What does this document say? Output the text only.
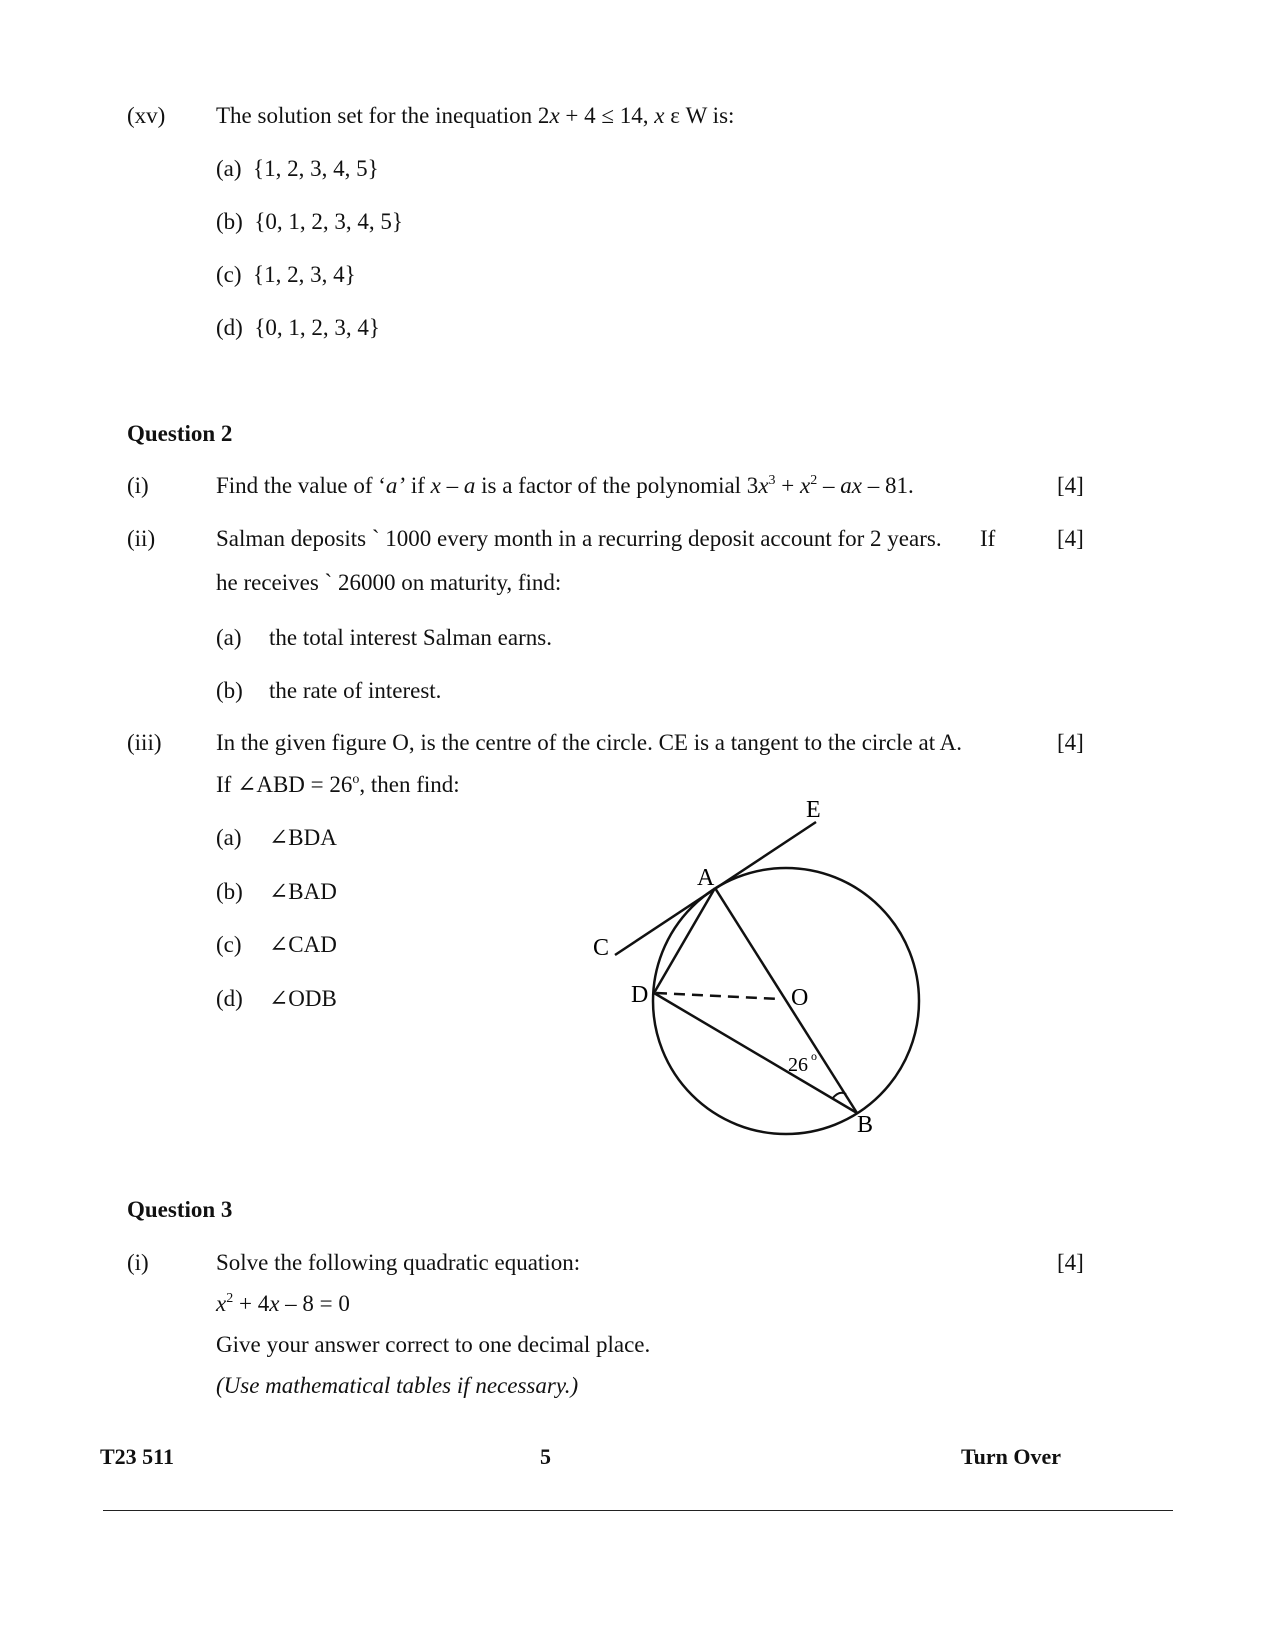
(xv) The solution set for the inequation 2x + 4 ≤ 14, x ε W is:
(a) {1, 2, 3, 4, 5}
(b) {0, 1, 2, 3, 4, 5}
(c) {1, 2, 3, 4}
(d) {0, 1, 2, 3, 4}
Question 2
(i)	Find the value of ‘a’ if x – a is a factor of the polynomial $3x^3 + x^2$ – ax – 81.	[4]
(ii)	Salman deposits ` 1000 every month in a recurring deposit account for 2 years. If	[4]
he receives ` 26000 on maturity, find:
(a) the total interest Salman earns.
(b) the rate of interest.
(iii) In the given figure O, is the centre of the circle. CE is a tangent to the circle at A.	[4]
If ∠ABD = $26^o$, then find:
(a) ∠BDA
(b) ∠BAD
(c) ∠CAD
(d) ∠ODB
E
A
C
D	O
B
26 o
Question 3
(i)	Solve the following quadratic equation:	[4]
$x^2 + 4x - 8 = 0$
Give your answer correct to one decimal place.
(Use mathematical tables if necessary.)
T23 511	5	Turn Over
